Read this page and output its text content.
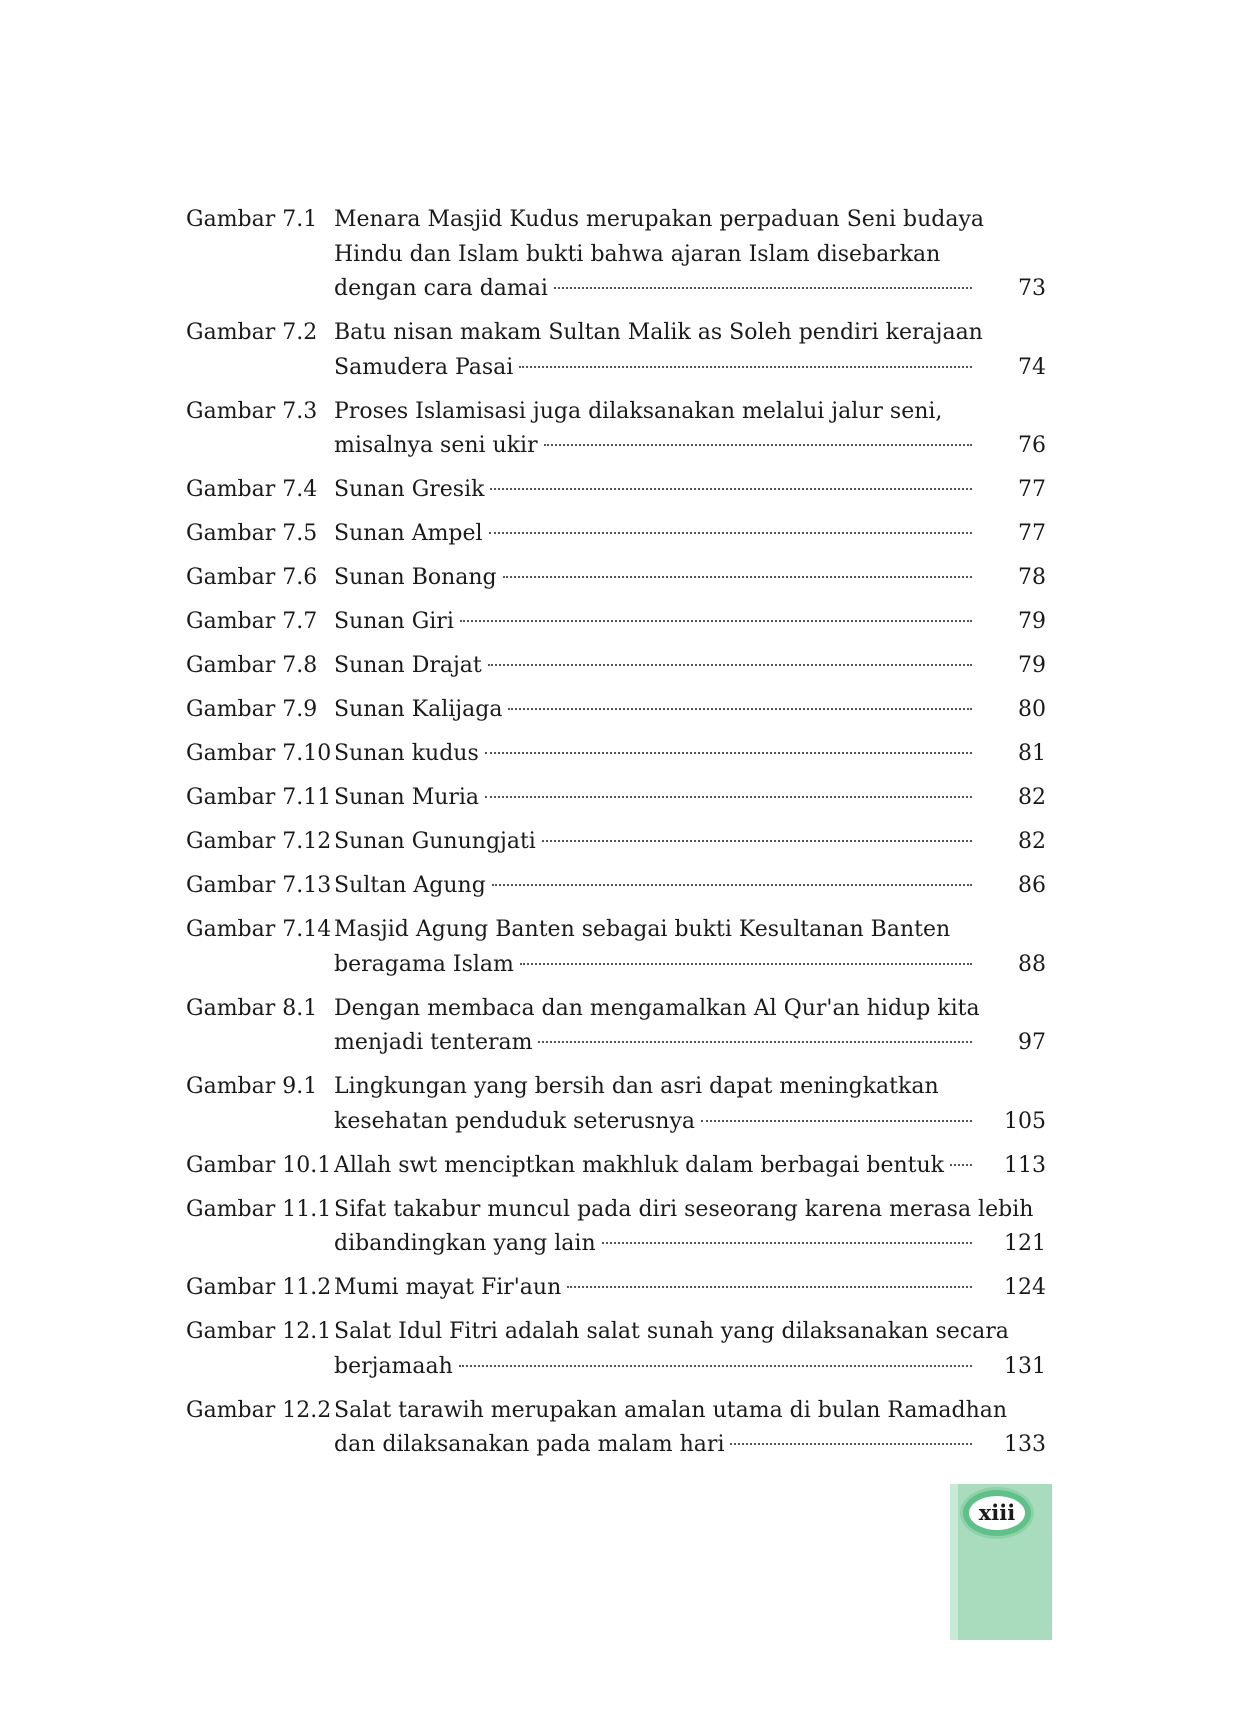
Gambar 7.1 Menara Masjid Kudus merupakan perpaduan Seni budaya
Hindu dan Islam bukti bahwa ajaran Islam disebarkan
dengan cara damai	73
Gambar 7.2 Batu nisan makam Sultan Malik as Soleh pendiri kerajaan
Samudera Pasai	74
Gambar 7.3 Proses Islamisasi juga dilaksanakan melalui jalur seni,
misalnya seni ukir	76
Gambar 7.4 Sunan Gresik	77
Gambar 7.5 Sunan Ampel	77
Gambar 7.6 Sunan Bonang	78
Gambar 7.7 Sunan Giri	79
Gambar 7.8 Sunan Drajat	79
Gambar 7.9 Sunan Kalijaga	80
Gambar 7.10 Sunan kudus	81
Gambar 7.11 Sunan Muria	82
Gambar 7.12 Sunan Gunungjati	82
Gambar 7.13 Sultan Agung	86
Gambar 7.14 Masjid Agung Banten sebagai bukti Kesultanan Banten
beragama Islam	88
Gambar 8.1 Dengan membaca dan mengamalkan Al Qur'an hidup kita
menjadi tenteram	97
Gambar 9.1 Lingkungan yang bersih dan asri dapat meningkatkan
kesehatan penduduk seterusnya	105
Gambar 10.1 Allah swt menciptkan makhluk dalam berbagai bentuk	113
Gambar 11.1 Sifat takabur muncul pada diri seseorang karena merasa lebih
dibandingkan yang lain	121
Gambar 11.2 Mumi mayat Fir'aun	124
Gambar 12.1 Salat Idul Fitri adalah salat sunah yang dilaksanakan secara
berjamaah	131
Gambar 12.2 Salat tarawih merupakan amalan utama di bulan Ramadhan
dan dilaksanakan pada malam hari	133
xiii
